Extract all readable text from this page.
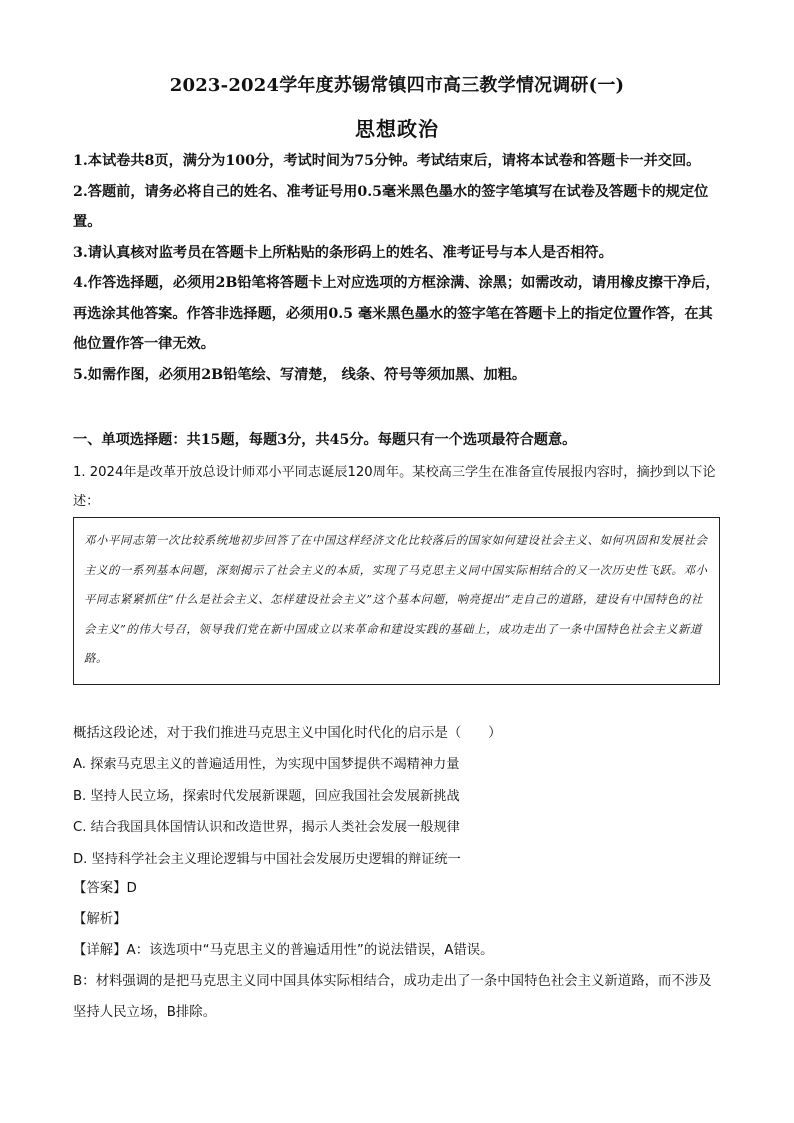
2023-2024学年度苏锡常镇四市高三教学情况调研(一)
思想政治

1.本试卷共8页，满分为100分，考试时间为75分钟。考试结束后，请将本试卷和答题卡一并交回。

2.答题前，请务必将自己的姓名、准考证号用0.5毫米黑色墨水的签字笔填写在试卷及答题卡的规定位置。

3.请认真核对监考员在答题卡上所粘贴的条形码上的姓名、准考证号与本人是否相符。

4.作答选择题，必须用2B铅笔将答题卡上对应选项的方框涂满、涂黑；如需改动，请用橡皮擦干净后，再选涂其他答案。作答非选择题，必须用0.5 毫米黑色墨水的签字笔在答题卡上的指定位置作答，在其他位置作答一律无效。

5.如需作图，必须用2B铅笔绘、写清楚， 线条、符号等须加黑、加粗。

一、单项选择题：共15题，每题3分，共45分。每题只有一个选项最符合题意。
1. 2024年是改革开放总设计师邓小平同志诞辰120周年。某校高三学生在准备宣传展报内容时，摘抄到以下论述：

邓小平同志第一次比较系统地初步回答了在中国这样经济文化比较落后的国家如何建设社会主义、如何巩固和发展社会主义的一系列基本问题，深刻揭示了社会主义的本质，实现了马克思主义同中国实际相结合的又一次历史性飞跃。邓小平同志紧紧抓住“什么是社会主义、怎样建设社会主义”这个基本问题，响亮提出“走自己的道路，建设有中国特色的社会主义”的伟大号召，领导我们党在新中国成立以来革命和建设实践的基础上，成功走出了一条中国特色社会主义新道路。

概括这段论述，对于我们推进马克思主义中国化时代化的启示是（　　）
A. 探索马克思主义的普遍适用性，为实现中国梦提供不竭精神力量
B. 坚持人民立场，探索时代发展新课题，回应我国社会发展新挑战
C. 结合我国具体国情认识和改造世界，揭示人类社会发展一般规律
D. 坚持科学社会主义理论逻辑与中国社会发展历史逻辑的辩证统一
【答案】D
【解析】
【详解】A：该选项中“马克思主义的普遍适用性”的说法错误，A错误。
B：材料强调的是把马克思主义同中国具体实际相结合，成功走出了一条中国特色社会主义新道路，而不涉及坚持人民立场，B排除。
